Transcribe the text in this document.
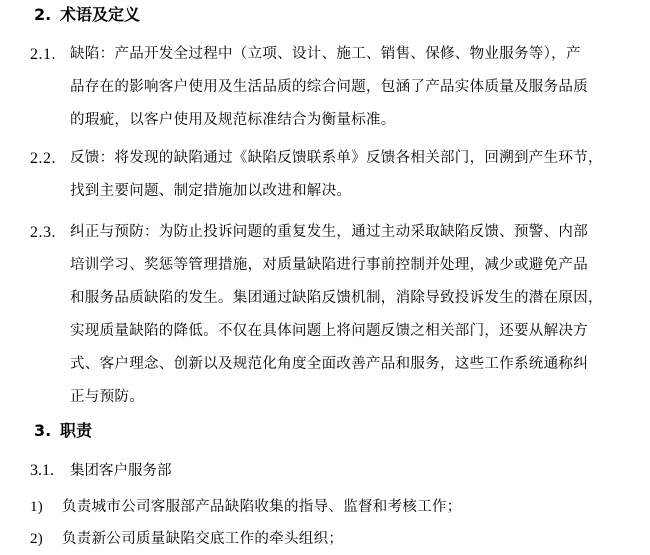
2. 术语及定义
2.1. 缺陷：产品开发全过程中（立项、设计、施工、销售、保修、物业服务等），产
品存在的影响客户使用及生活品质的综合问题，包涵了产品实体质量及服务品质
的瑕疵，以客户使用及规范标准结合为衡量标准。
2.2. 反馈：将发现的缺陷通过《缺陷反馈联系单》反馈各相关部门，回溯到产生环节，
找到主要问题、制定措施加以改进和解决。
2.3. 纠正与预防：为防止投诉问题的重复发生，通过主动采取缺陷反馈、预警、内部
培训学习、奖惩等管理措施，对质量缺陷进行事前控制并处理，减少或避免产品
和服务品质缺陷的发生。集团通过缺陷反馈机制，消除导致投诉发生的潜在原因，
实现质量缺陷的降低。不仅在具体问题上将问题反馈之相关部门，还要从解决方
式、客户理念、创新以及规范化角度全面改善产品和服务，这些工作系统通称纠
正与预防。
3. 职责
3.1. 集团客户服务部
1) 负责城市公司客服部产品缺陷收集的指导、监督和考核工作；
2) 负责新公司质量缺陷交底工作的牵头组织；
